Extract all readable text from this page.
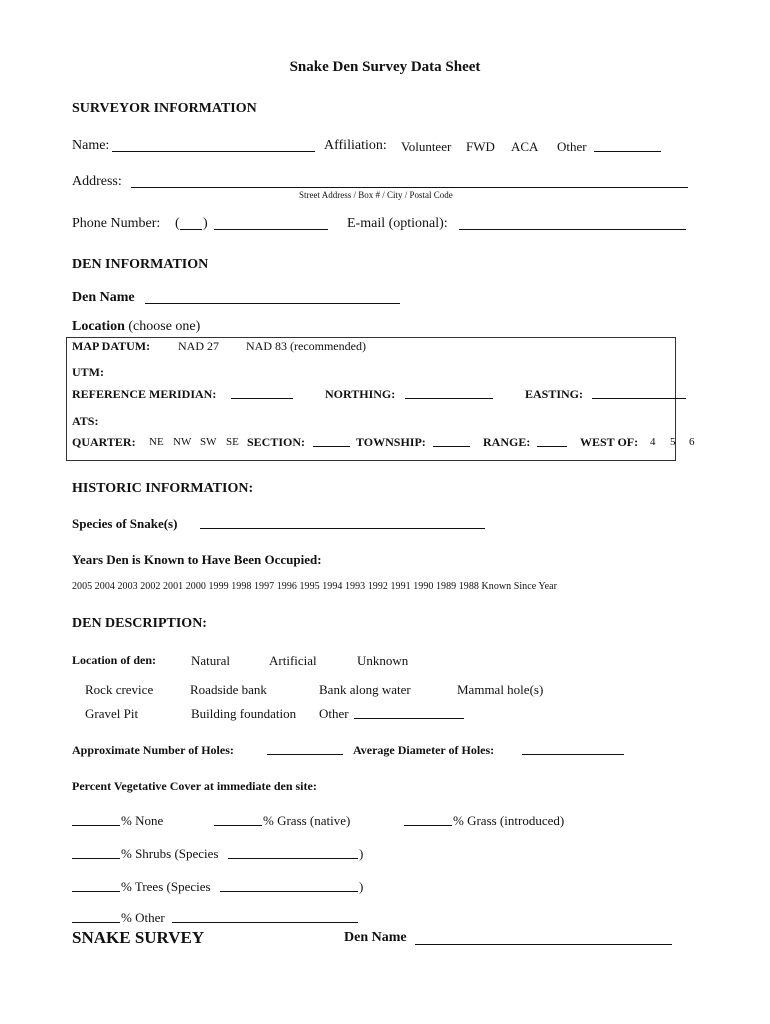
Snake Den Survey Data Sheet
SURVEYOR INFORMATION
Name:	Affiliation: Volunteer FWD ACA Other
Address:
Street Address / Box # / City / Postal Code
Phone Number: ( )	E-mail (optional):
DEN INFORMATION
Den Name
Location (choose one)
MAP DATUM: NAD 27 NAD 83 (recommended)
UTM:
REFERENCE MERIDIAN:	NORTHING:	EASTING:
ATS:
QUARTER: NE NW SW SE SECTION:	TOWNSHIP:	RANGE:	WEST OF: 4 5 6
HISTORIC INFORMATION:
Species of Snake(s)
Years Den is Known to Have Been Occupied:
2005 2004 2003 2002 2001 2000 1999 1998 1997 1996 1995 1994 1993 1992 1991 1990 1989 1988 Known Since Year
DEN DESCRIPTION:
Location of den:	Natural	Artificial	Unknown
Rock crevice	Roadside bank	Bank along water	Mammal hole(s)
Gravel Pit	Building foundation Other
Approximate Number of Holes:	Average Diameter of Holes:
Percent Vegetative Cover at immediate den site:
% None	% Grass (native)	% Grass (introduced)
% Shrubs (Species	)
% Trees (Species	)
% Other
SNAKE SURVEY	Den Name
